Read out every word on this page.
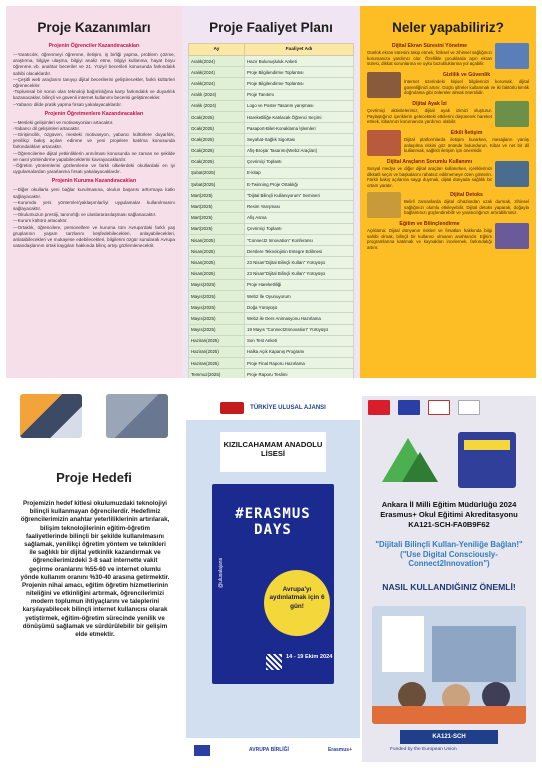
Proje Kazanımları
Projenin Öğrenciler Kazandıracakları

---Yaratıcılık, öğrenmeyi öğrenme, iletişim, iş birliği yapma, problem çözme, araştırma, bilgiye ulaşma, bilgiyi analiz etme, bilgiyi kullanma, hayat boyu öğrenme..vb. anahtar beceriler ve 21. Yüzyıl becerileri konusunda farkındalık sahibi olacaklardır.

---Çeşitli web araçlarını tanıyıp dijital becerilerini geliştirecekler, farklı kültürleri öğrenecekler.

-Toplumsal bir sorun olan teknoloji bağımlılığına karşı farkındalık ve duyarlılık kazanacaklar, bilinçli ve güvenli internet kullanımı becerisi geliştirecekler.

--Yabancı dilde pratik yapma fırsatı yakalayacaklardır.

Projenin Öğretmenlere Kazandıracakları

---Mesleki gelişimleri ve motivasyonları artacaktır.

-Yabancı dil gelişimleri artacaktır.

---Girişimcilik, özgüven, mesleki motivasyon, yabancı kültürlere duyarlılık, yenilikçi bakış açıları edinme ve yeni projelere katılma konusunda farkındalıkları artacaktır.

---Öğrencilerine dijital yetkinliklerin arınılması konusunda ne zaman ne şekilde ve nasıl yönlendirme yapabileceklerini kavrayacaklardır.

--Öğretim yöntemlerini gözlemleme ve farklı ülkelerdeki okullardaki en iyi uygulamalardan yararlanma fırsatı yakalayacaklardır.

Projenin Kuruma Kazandıracakları

---Diğer okullarla yeni bağlar kurulmasına, okulun başarısı arttırmaya katkı sağlayacaktır.

---Kurumda yeni yöntemler/yaklaşımlar/iyi uygulamalar kullanılmasını sağlayacaktır.

---Okulumuzun prestiji, tanınırlığı ve uluslararasılaşması sağlanacaktır.

---Kurum kültürü artacaktır.

---Ortaklık, öğrencilere, personellere ve kuruma tüm Avrupa'daki farklı yaş gruplarının yaşam tarzlarını keşfedebilecekleri, anlayabilecekleri, anlatabilecekleri ve mukayese edebilecekleri, bilgilerini özgür sunularak Avrupa vatandaşlarının ortak kaygıları hakkında bilinç artışı gözlemlenecektir.

Proje Faaliyet Planı
Ay	Faaliyet Adı
Aralık(2024)	Hazır Bulunuşluluk Anketi
Aralık(2024)	Proje Bilgilendirme Toplantısı
Aralık(2024)	Proje Bilgilendirme Toplantısı
Aralık (2024)	Proje Tanıtımı
Aralık (2024)	Logo ve Poster Tasarım yarışması
Ocak(2025)	Hareketliliğe Katılacak Öğrenci Seçimi
Ocak(2025)	Pasaport-Bilet-Konaklama İşlemleri
Ocak(2025)	Seyahat-Sağlık Sigortası
Ocak(2025)	Afiş-Broşür Tasarımı(Web2 Araçları)
Ocak(2025)	Çevrimiçi Toplantı
Şubat(2025)	E-kitap
Şubat(2025)	E-Twinning Proje Ortaklığı
Mart(2025)	"Dijital Bilinçli Kullanıyorum" Semineri
Mart(2025)	Resim Yarışması
Mart(2025)	Afiş Asma
Mart(2025)	Çevrimiçi Toplantı
Nisan(2025)	"Connect2 Innovation" Konferansı
Nisan(2025)	Derslere Teknolojinin Entegre Edilmesi
Nisan(2025)	23 Nisan"Dijital Bilinçli Kullan" Yürüyüşü
Nisan(2025)	23 Nisan"Dijital Bilinçli Kullan" Yürüyüşü
Mayıs(2025)	Proje Hareketliliği
Mayıs(2025)	Web2 İle Oyunuyorum
Mayıs(2025)	Doğa Yürüyüşü
Mayıs(2025)	Web2 ile Ders Animasyonu Hazırlama
Mayıs(2025)	19 Mayıs "Connect2Innovation" Yürüyüşü
Haziran(2025)	Son Test Anketi
Haziran(2025)	Halka Açık Kapanış Programı
Haziran(2025)	Proje Final Raporu Hazırlama
Temmuz(2025)	Proje Raporu Teslimi
Neler yapabiliriz?
Dijital Ekran Süresini Yönetme
Günlük ekran süresini takip etmek, fiziksel ve zihinsel sağlığınızı korumanıza yardımcı olur. Özellikle çocuklarda aşırı ekran süresi, dikkat sorunlarına ve uyku bozukluklarına yol açabilir.
Gizlilik ve Güvenlik
İnternet üzerindeki kişisel bilgilerinizi korumak, dijital güvenliğinizi artırır. Güçlü şifreler kullanmak ve iki faktörlü kimlik doğrulama gibi önlemler almak önemlidir.
Dijital Ayak İzi
Çevrimiçi aktivitelerimiz, dijital ayak izimizi oluşturur. Paylaştığınız içeriklerin gelecekteki etkilerini düşünerek hareket etmek, itibarınızı korumanıza yardımcı olabilir.
Etkili İletişim
Dijital platformlarda iletişim kurarken, mesajların yanlış anlaşılma riskini göz önünde bulundurun. Kibar ve net bir dil kullanmak, sağlıklı iletişim için önemlidir.
Dijital Araçların Sorumlu Kullanımı
Sosyal medya ve diğer dijital araçları kullanırken, içeriklerinizi dikkatli seçin ve başkalarını rahatsız edilmemeye özen gösterin. Farklı bakış açılarına saygı duymak, dijital dünyada sağlıklı bir ortam yaratır.
Dijital Detoks
Belirli zamanlarda dijital cihazlardan uzak durmak, zihinsel sağlığınızı olumlu etkileyebilir. Dijital detoks yaparak, doğayla bağlantınızı güçlendirebilir ve yaratıcılığınızı artırabilirsiniz.
Eğitim ve Bilinçlendirme
Açıklama: Dijital dünyanın riskleri ve fırsatları hakkında bilgi sahibi olmak, bilinçli bir kullanıcı olmanın anahtarıdır. Eğitim programlarına katılmak ve kaynakları incelemek, farkındalığı artırır.
Proje Hedefi
Projemizin hedef kitlesi okulumuzdaki teknolojiyi bilinçli kullanmayan öğrencilerdir. Hedefimiz öğrencilerimizin anahtar yeterliliklerinin artırılarak, bilişim teknolojilerinin eğitim-öğretim faaliyetlerinde bilinçli bir şekilde kullanılmasını sağlamak, yenilikçi öğretim yöntem ve teknikleri ile sağlıklı bir dijital yetkinlik kazandırmak ve öğrencilerimizdeki 3-8 saat internette vakit geçirme oranlarını %55-60 ve internet olumlu yönde kullanım oranını %30-40 arasına getirmektir. Projenin nihai amacı, eğitim öğretim hizmetlerinin niteliğini ve etkinliğini artırmak, öğrencilerimizi modern toplumun ihtiyaçlarını ve taleplerini karşılayabilecek bilinçli internet kullanıcısı olarak yetiştirmek, eğitim-öğretim sürecinde yenilik ve dönüşümü sağlamak ve sürdürülebilir bir gelişim elde etmektir.
TÜRKİYE ULUSAL AJANSI
KIZILCAHAMAM ANADOLU LİSESİ
#ERASMUS DAYS
@ulusalajans
Avrupa'yı aydınlatmak için 6 gün!
14 - 19 Ekim 2024
AVRUPA BİRLİĞİ	Erasmus+
Ankara İl Milli Eğitim Müdürlüğü 2024 Erasmus+ Okul Eğitimi Akreditasyonu KA121-SCH-FA0B9F62
"Dijitali Bilinçli Kullan-Yeniliğe Bağlan!" ("Use Digital Consciously-Connect2Innovation")
NASIL KULLANDIĞINIZ ÖNEMLİ!
KA121-SCH
Funded by the European Union
